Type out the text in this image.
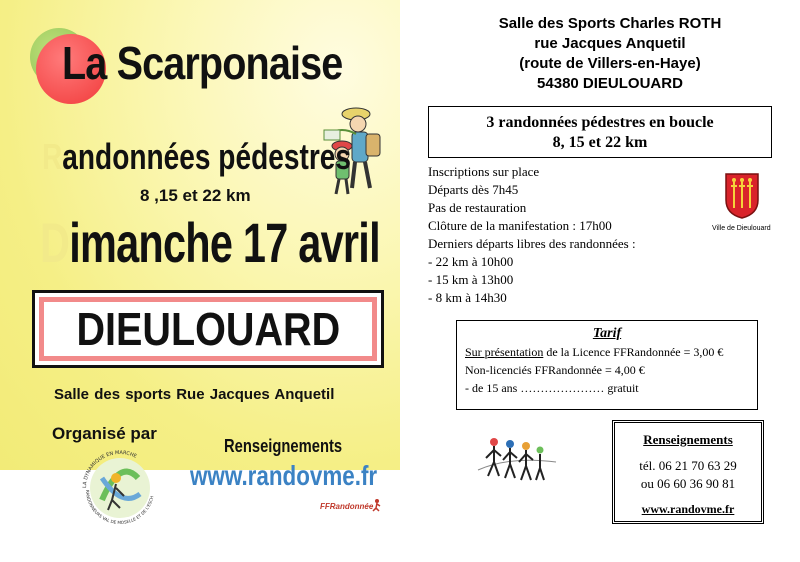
La Scarponaise
Randonnées pédestres
8 ,15 et 22 km
Dimanche 17 avril
DIEULOUARD
Salle des sports Rue Jacques Anquetil
Organisé par
LA DYNAMIQUE EN MARCHE
RANDONNEURS VAL DE MOSELLE ET DE L'ESCH
Renseignements
www.randovme.fr
FFRandonnée
Salle des Sports Charles ROTH
rue Jacques Anquetil
(route de Villers-en-Haye)
54380 DIEULOUARD
3 randonnées pédestres en boucle
8, 15 et 22 km
Inscriptions sur place
Départs dès 7h45
Pas de restauration
Clôture de la manifestation : 17h00
Derniers départs libres des randonnées :
- 22 km à 10h00
- 15 km à 13h00
- 8 km à 14h30
Ville de Dieulouard
Tarif
Sur présentation de la Licence FFRandonnée = 3,00 €
Non-licenciés FFRandonnée = 4,00 €
- de 15 ans ………………… gratuit
Renseignements
tél. 06 21 70 63 29
ou 06 60 36 90 81
www.randovme.fr
